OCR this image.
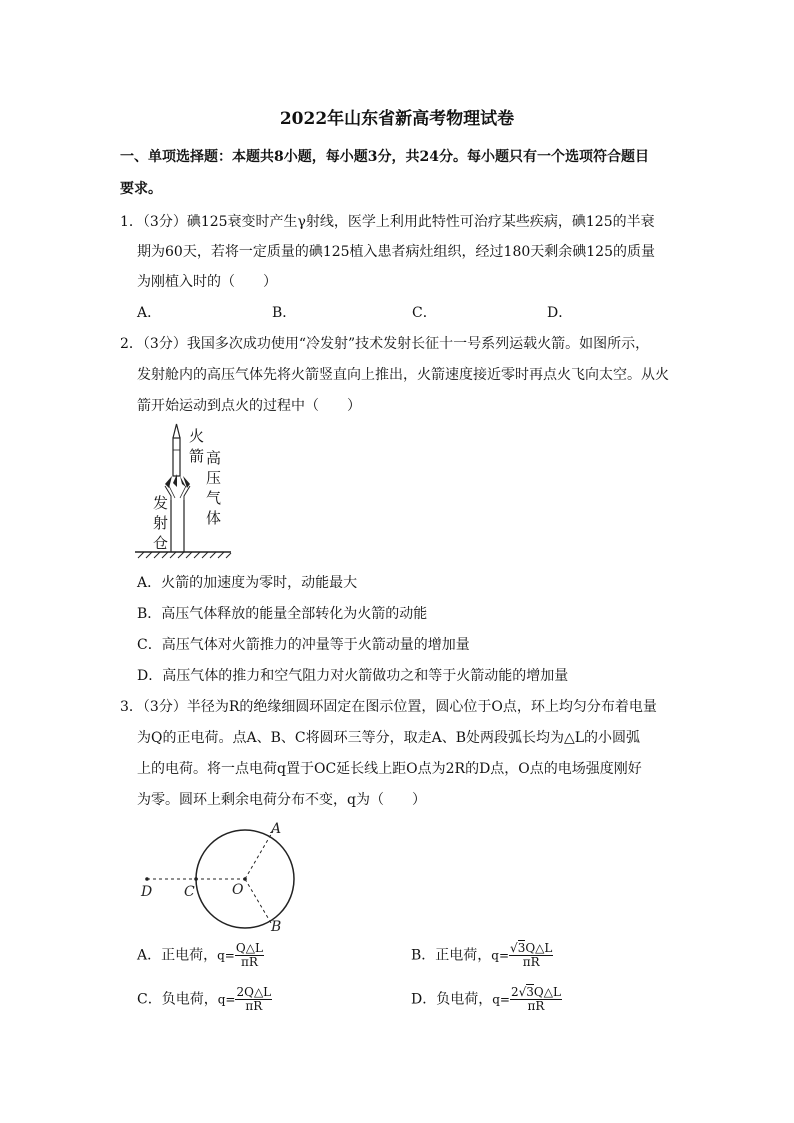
2022年山东省新高考物理试卷
一、单项选择题：本题共8小题，每小题3分，共24分。每小题只有一个选项符合题目
要求。
1．（3分）碘125衰变时产生γ射线，医学上利用此特性可治疗某些疾病，碘125的半衰
期为60天，若将一定质量的碘125植入患者病灶组织，经过180天剩余碘125的质量
为刚植入时的（　　）
A．	B．	C．	D．
2．（3分）我国多次成功使用“冷发射”技术发射长征十一号系列运载火箭。如图所示，
发射舱内的高压气体先将火箭竖直向上推出，火箭速度接近零时再点火飞向太空。从火
箭开始运动到点火的过程中（　　）
火
箭 高
压
气
体
发
射
仓
A．火箭的加速度为零时，动能最大
B．高压气体释放的能量全部转化为火箭的动能
C．高压气体对火箭推力的冲量等于火箭动量的增加量
D．高压气体的推力和空气阻力对火箭做功之和等于火箭动能的增加量
3．（3分）半径为R的绝缘细圆环固定在图示位置，圆心位于O点，环上均匀分布着电量
为Q的正电荷。点A、B、C将圆环三等分，取走A、B处两段弧长均为△L的小圆弧
上的电荷。将一点电荷q置于OC延长线上距O点为2R的D点，O点的电场强度刚好
为零。圆环上剩余电荷分布不变，q为（　　）
A
B
C
D	O
A．正电荷，$q= \frac{Q\triangle L}{\pi R}$	B．正电荷，$q= \frac{√3Q\triangle L}{\pi R}$
C．负电荷，$q= \frac{2Q\triangle L}{\pi R}$	D．负电荷，$q= \frac{2√3Q\triangle L}{\pi R}$
